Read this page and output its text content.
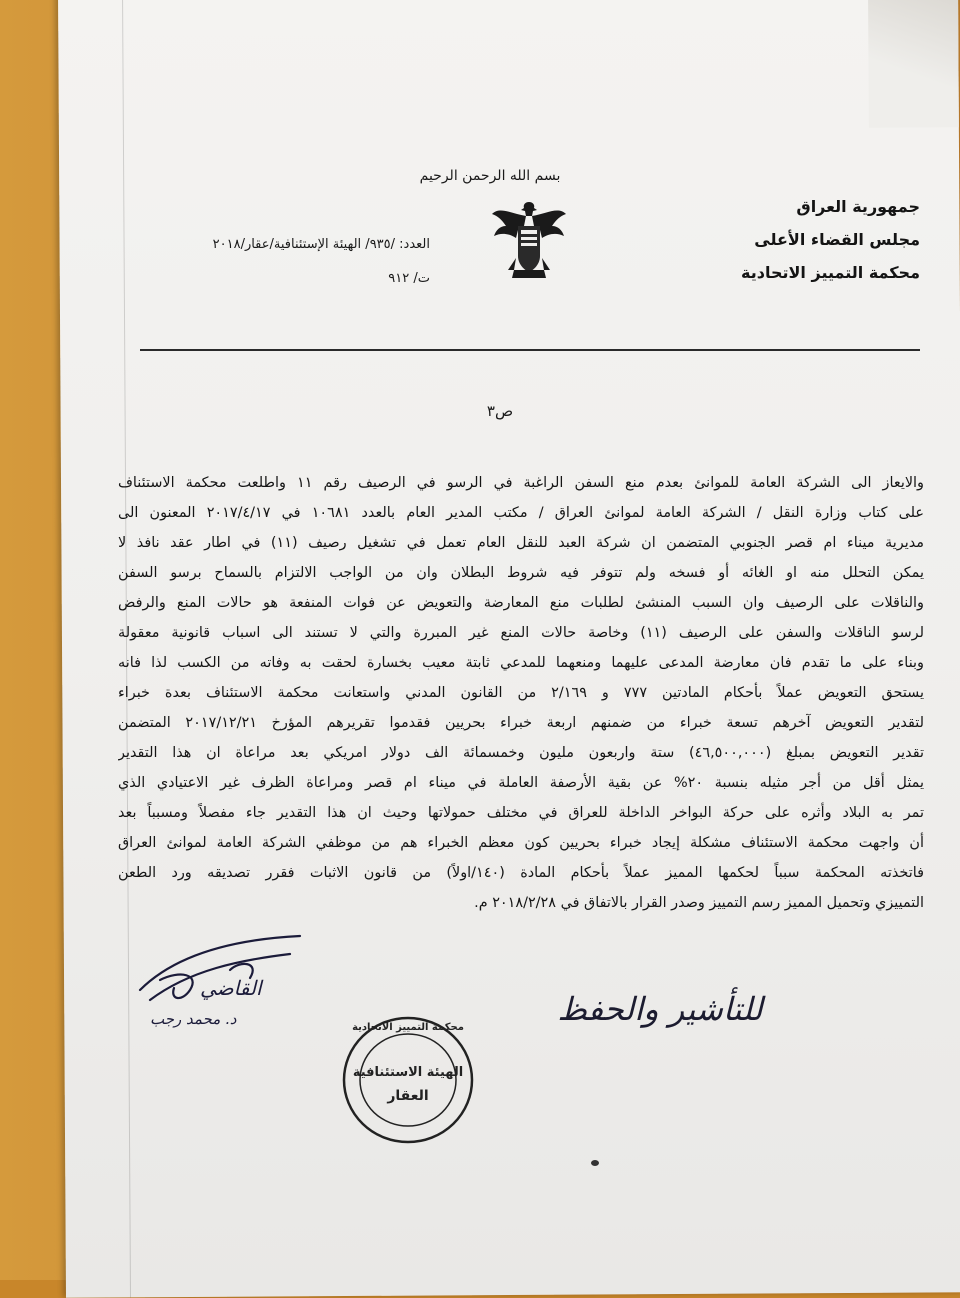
بسم الله الرحمن الرحيم
جمهورية العراق
مجلس القضاء الأعلى
محكمة التمييز الاتحادية
العدد: /٩٣٥/ الهيئة الإستئنافية/عقار/٢٠١٨
ت/ ٩١٢
ص٣
والايعاز الى الشركة العامة للموانئ بعدم منع السفن الراغبة في الرسو في الرصيف رقم ١١ واطلعت محكمة الاستئناف
على كتاب وزارة النقل / الشركة العامة لموانئ العراق / مكتب المدير العام بالعدد ١٠٦٨١ في ٢٠١٧/٤/١٧ المعنون الى
مديرية ميناء ام قصر الجنوبي المتضمن ان شركة العبد للنقل العام تعمل في تشغيل رصيف (١١) في اطار عقد نافذ لا
يمكن التحلل منه او الغائه أو فسخه ولم تتوفر فيه شروط البطلان وان من الواجب الالتزام بالسماح برسو السفن
والناقلات على الرصيف وان السبب المنشئ لطلبات منع المعارضة والتعويض عن فوات المنفعة هو حالات المنع والرفض
لرسو الناقلات والسفن على الرصيف (١١) وخاصة حالات المنع غير المبررة والتي لا تستند الى اسباب قانونية معقولة
وبناء على ما تقدم فان معارضة المدعى عليهما ومنعهما للمدعي ثابتة معيب بخسارة لحقت به وفاته من الكسب لذا فانه
يستحق التعويض عملاً بأحكام المادتين ٧٧٧ و ٢/١٦٩ من القانون المدني واستعانت محكمة الاستئناف بعدة خبراء
لتقدير التعويض آخرهم تسعة خبراء من ضمنهم اربعة خبراء بحريين فقدموا تقريرهم المؤرخ ٢٠١٧/١٢/٢١ المتضمن
تقدير التعويض بمبلغ (٤٦,٥٠٠,٠٠٠) ستة واربعون مليون وخمسمائة الف دولار امريكي بعد مراعاة ان هذا التقدير
يمثل أقل من أجر مثيله بنسبة ٢٠% عن بقية الأرصفة العاملة في ميناء ام قصر ومراعاة الظرف غير الاعتيادي الذي
تمر به البلاد وأثره على حركة البواخر الداخلة للعراق في مختلف حمولاتها وحيث ان هذا التقدير جاء مفصلاً ومسبباً بعد
أن واجهت محكمة الاستئناف مشكلة إيجاد خبراء بحريين كون معظم الخبراء هم من موظفي الشركة العامة لموانئ العراق
فاتخذته المحكمة سبباً لحكمها المميز عملاً بأحكام المادة (١٤٠/اولاً) من قانون الاثبات فقرر تصديقه ورد الطعن
التمييزي وتحميل المميز رسم التمييز وصدر القرار بالاتفاق في ٢٠١٨/٢/٢٨ م.
القاضي
د. محمد رجب	للتأشير والحفظ
محكمة التمييز الاتحادية
الهيئة الاستئنافية
العقار
